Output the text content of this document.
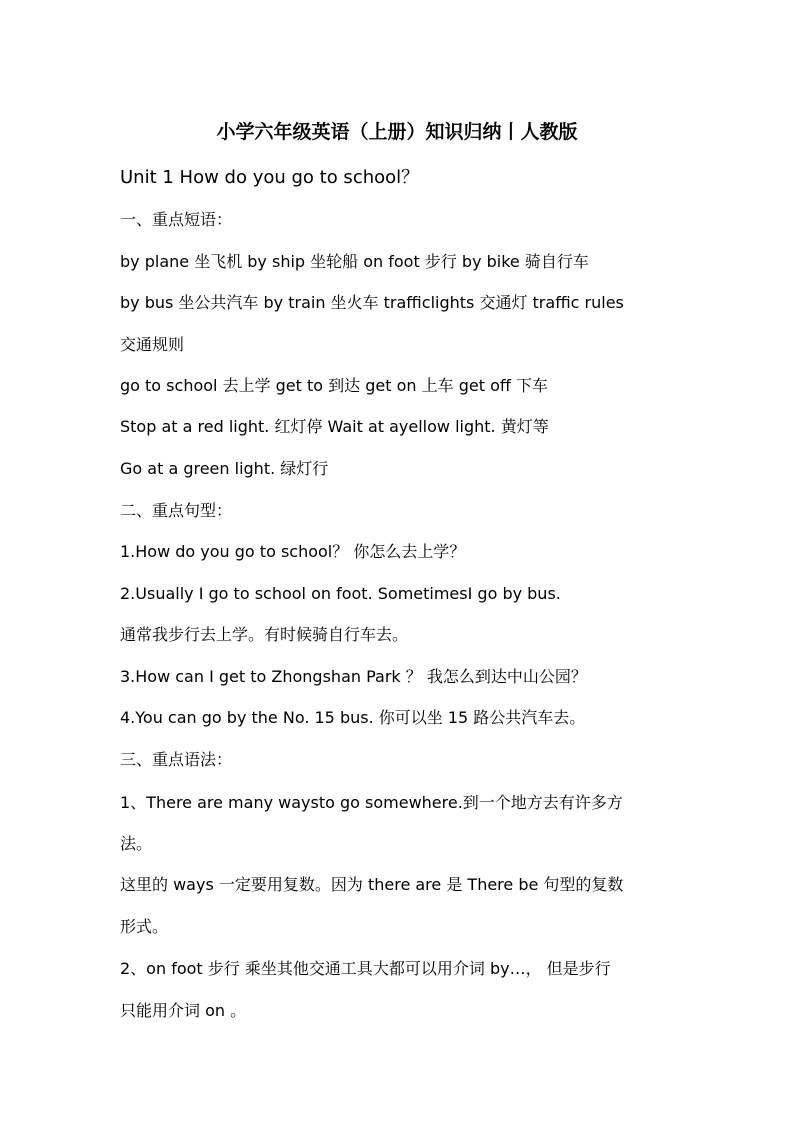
小学六年级英语（上册）知识归纳丨人教版
Unit 1 How do you go to school？
一、重点短语：
by plane 坐飞机 by ship 坐轮船 on foot 步行 by bike 骑自行车
by bus 坐公共汽车 by train 坐火车 trafficlights 交通灯 traffic rules
交通规则
go to school 去上学 get to 到达 get on 上车 get off 下车
Stop at a red light. 红灯停 Wait at ayellow light. 黄灯等
Go at a green light. 绿灯行
二、重点句型：
1.How do you go to school？ 你怎么去上学？
2.Usually I go to school on foot. SometimesI go by bus.
通常我步行去上学。有时候骑自行车去。
3.How can I get to Zhongshan Park ？ 我怎么到达中山公园？
4.You can go by the No. 15 bus. 你可以坐 15 路公共汽车去。
三、重点语法：
1、There are many waysto go somewhere.到一个地方去有许多方
法。
这里的 ways 一定要用复数。因为 there are 是 There be 句型的复数
形式。
2、on foot 步行 乘坐其他交通工具大都可以用介词 by…， 但是步行
只能用介词 on 。
